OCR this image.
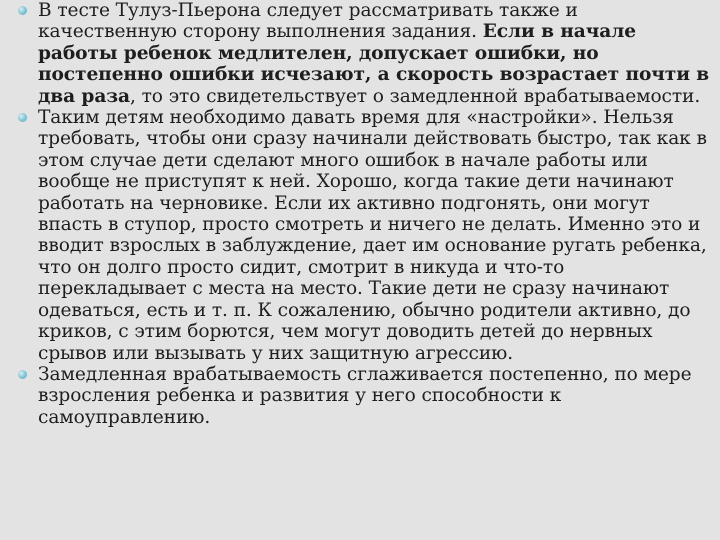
В тесте Тулуз-Пьерона следует рассматривать также и качественную сторону выполнения задания. Если в начале работы ребенок медлителен, допускает ошибки, но постепенно ошибки исчезают, а скорость возрастает почти в два раза, то это свидетельствует о замедленной врабатываемости.
Таким детям необходимо давать время для «настройки». Нельзя требовать, чтобы они сразу начинали действовать быстро, так как в этом случае дети сделают много ошибок в начале работы или вообще не приступят к ней. Хорошо, когда такие дети начинают работать на черновике. Если их активно подгонять, они могут впасть в ступор, просто смотреть и ничего не делать. Именно это и вводит взрослых в заблуждение, дает им основание ругать ребенка, что он долго просто сидит, смотрит в никуда и что-то перекладывает с места на место. Такие дети не сразу начинают одеваться, есть и т. п. К сожалению, обычно родители активно, до криков, с этим борются, чем могут доводить детей до нервных срывов или вызывать у них защитную агрессию.
Замедленная врабатываемость сглаживается постепенно, по мере взросления ребенка и развития у него способности к самоуправлению.
